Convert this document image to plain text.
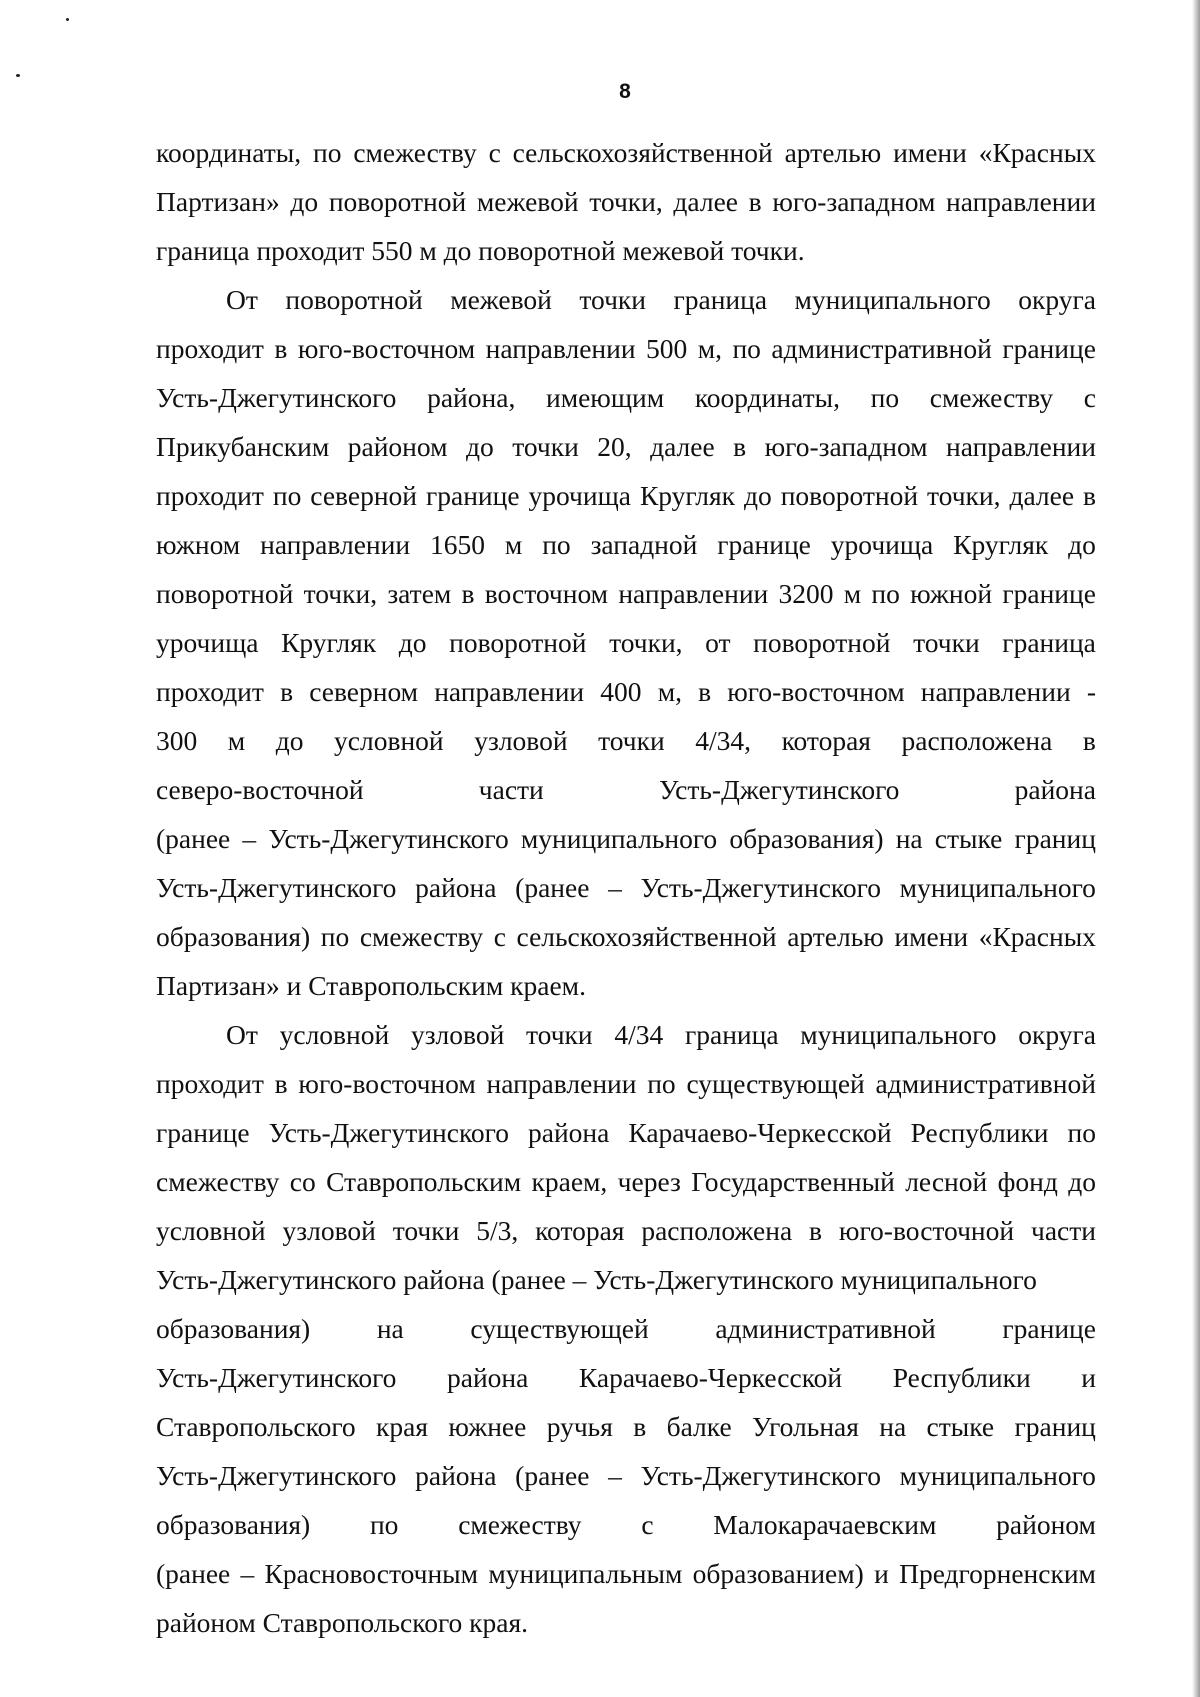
8
координаты, по смежеству с сельскохозяйственной артелью имени «Красных
Партизан» до поворотной межевой точки, далее в юго-западном направлении
граница проходит 550 м до поворотной межевой точки.
От поворотной межевой точки граница муниципального округа
проходит в юго-восточном направлении 500 м, по административной границе
Усть-Джегутинского района, имеющим координаты, по смежеству с
Прикубанским районом до точки 20, далее в юго-западном направлении
проходит по северной границе урочища Кругляк до поворотной точки, далее в
южном направлении 1650 м по западной границе урочища Кругляк до
поворотной точки, затем в восточном направлении 3200 м по южной границе
урочища Кругляк до поворотной точки, от поворотной точки граница
проходит в северном направлении 400 м, в юго-восточном направлении -
300 м до условной узловой точки 4/34, которая расположена в
северо-восточной	части	Усть-Джегутинского	района
(ранее – Усть-Джегутинского муниципального образования) на стыке границ
Усть-Джегутинского района (ранее – Усть-Джегутинского муниципального
образования) по смежеству с сельскохозяйственной артелью имени «Красных
Партизан» и Ставропольским краем.
От условной узловой точки 4/34 граница муниципального округа
проходит в юго-восточном направлении по существующей административной
границе Усть-Джегутинского района Карачаево-Черкесской Республики по
смежеству со Ставропольским краем, через Государственный лесной фонд до
условной узловой точки 5/3, которая расположена в юго-восточной части
Усть-Джегутинского района (ранее – Усть-Джегутинского муниципального
образования) на существующей административной границе
Усть-Джегутинского района Карачаево-Черкесской Республики и
Ставропольского края южнее ручья в балке Угольная на стыке границ
Усть-Джегутинского района (ранее – Усть-Джегутинского муниципального
образования) по смежеству с Малокарачаевским районом
(ранее – Красновосточным муниципальным образованием) и Предгорненским
районом Ставропольского края.
